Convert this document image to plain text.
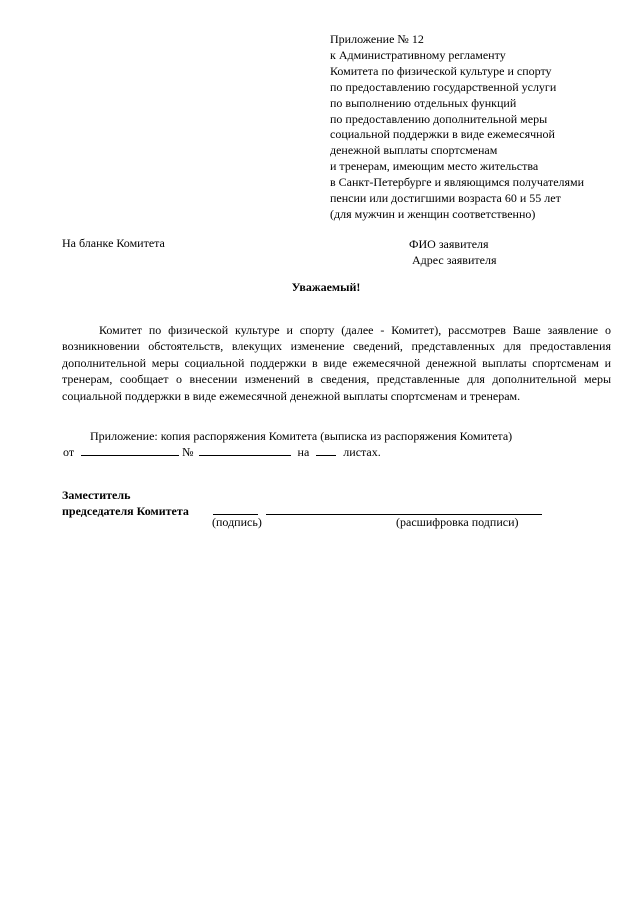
Приложение № 12
к Административному регламенту
Комитета по физической культуре и спорту
по предоставлению государственной услуги
по выполнению отдельных функций
по предоставлению дополнительной меры
социальной поддержки в виде ежемесячной
денежной выплаты спортсменам
и тренерам, имеющим место жительства
в Санкт-Петербурге и являющимся получателями
пенсии или достигшими возраста 60 и 55 лет
(для мужчин и женщин соответственно)
На бланке Комитета	ФИО заявителя
Адрес заявителя
Уважаемый!
Комитет по физической культуре и спорту (далее - Комитет), рассмотрев Ваше заявление о возникновении обстоятельств, влекущих изменение сведений, представленных для предоставления дополнительной меры социальной поддержки в виде ежемесячной денежной выплаты спортсменам и тренерам, сообщает о внесении изменений в сведения, представленные для дополнительной меры социальной поддержки в виде ежемесячной денежной выплаты спортсменам и тренерам.
Приложение: копия распоряжения Комитета (выписка из распоряжения Комитета)
от	№	на	листах.
Заместитель
председателя Комитета
(подпись)	(расшифровка подписи)
